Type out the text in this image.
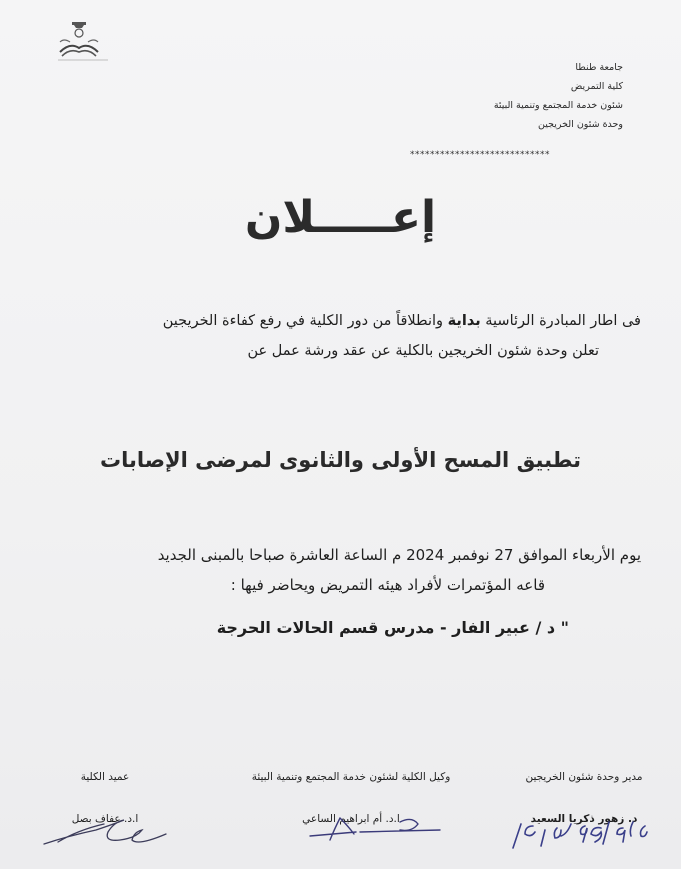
جامعة طنطا
كلية التمريض
شئون خدمة المجتمع وتنمية البيئة
وحدة شئون الخريجين
****************************
إعـــــلان
فى اطار المبادرة الرئاسية بداية وانطلاقاً من دور الكلية في رفع كفاءة الخريجين
تعلن وحدة شئون الخريجين بالكلية عن عقد ورشة عمل عن
تطبيق المسح الأولى والثانوى لمرضى الإصابات
يوم الأربعاء الموافق 27 نوفمبر 2024 م الساعة العاشرة صباحا بالمبنى الجديد
قاعه المؤتمرات لأفراد هيئه التمريض ويحاضر فيها :
" د / عبير الفار - مدرس قسم الحالات الحرجة
مدير وحدة شئون الخريجين
د. زهور ذكريا السعيد
وكيل الكلية لشئون خدمة المجتمع وتنمية البيئة
ا.د. أم ابراهيم الساعي
عميد الكلية
ا.د. عفاف بصل
